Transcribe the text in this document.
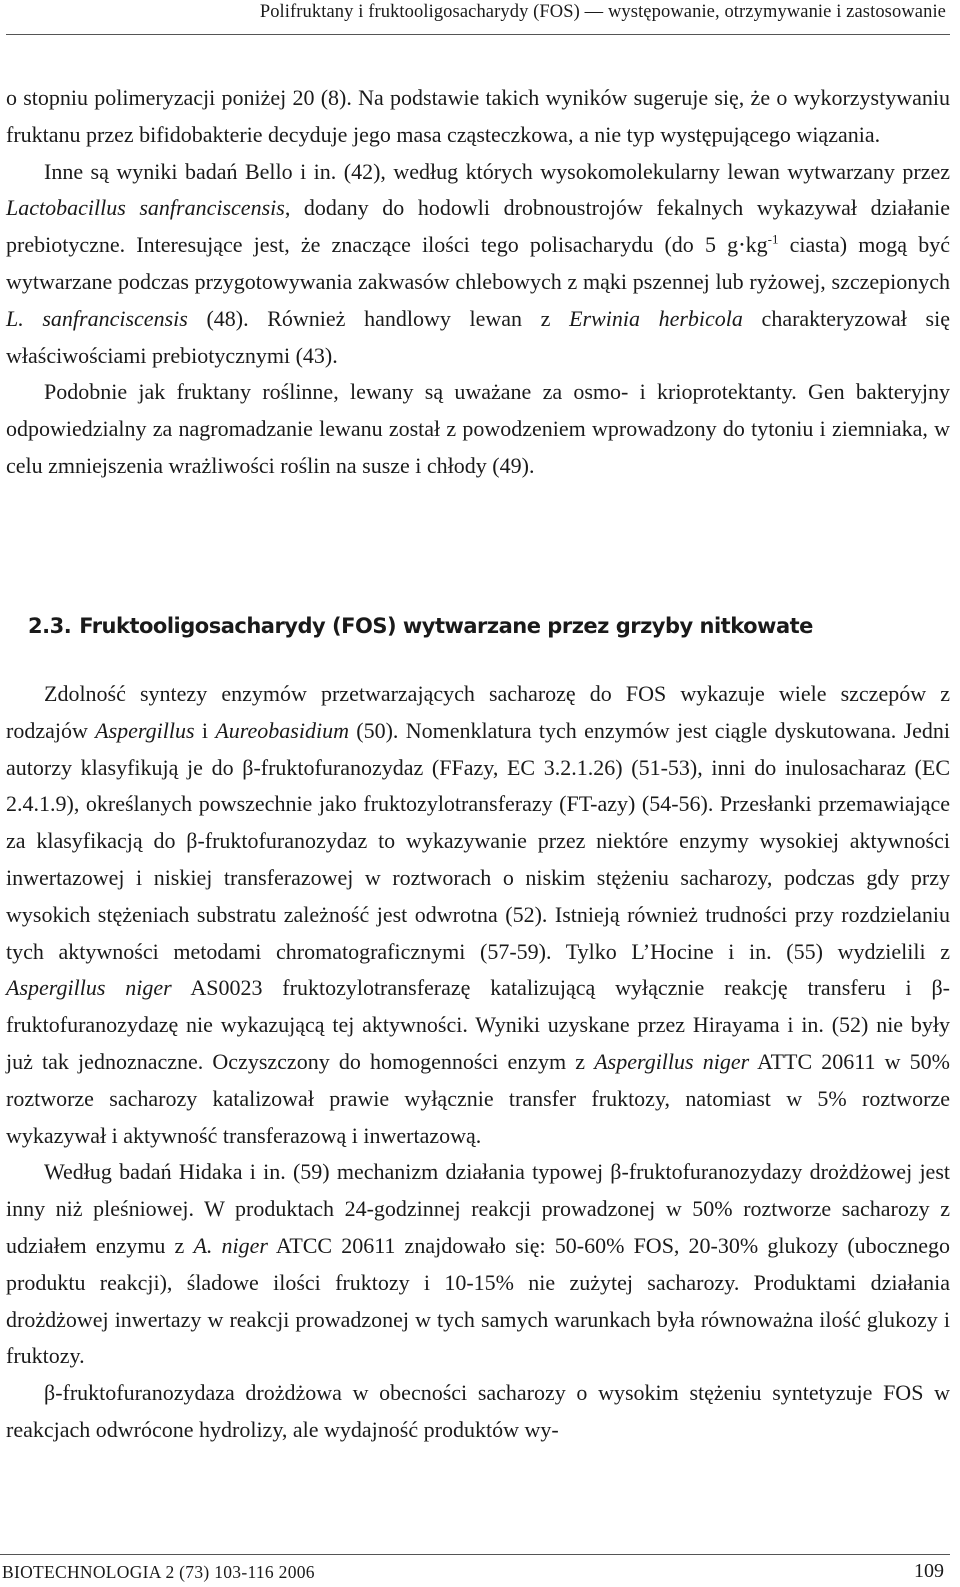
Polifruktany i fruktooligosacharydy (FOS) — występowanie, otrzymywanie i zastosowanie

o stopniu polimeryzacji poniżej 20 (8). Na podstawie takich wyników sugeruje się, że o wykorzystywaniu fruktanu przez bifidobakterie decyduje jego masa cząsteczkowa, a nie typ występującego wiązania.

Inne są wyniki badań Bello i in. (42), według których wysokomolekularny lewan wytwarzany przez Lactobacillus sanfranciscensis, dodany do hodowli drobnoustrojów fekalnych wykazywał działanie prebiotyczne. Interesujące jest, że znaczące ilości tego polisacharydu (do 5 $g\cdot kg^{-1}$ ciasta) mogą być wytwarzane podczas przygotowywania zakwasów chlebowych z mąki pszennej lub ryżowej, szczepionych L. sanfranciscensis (48). Również handlowy lewan z Erwinia herbicola charakteryzował się właściwościami prebiotycznymi (43).

Podobnie jak fruktany roślinne, lewany są uważane za osmo- i krioprotektanty. Gen bakteryjny odpowiedzialny za nagromadzanie lewanu został z powodzeniem wprowadzony do tytoniu i ziemniaka, w celu zmniejszenia wrażliwości roślin na susze i chłody (49).

2.3. Fruktooligosacharydy (FOS) wytwarzane przez grzyby nitkowate

Zdolność syntezy enzymów przetwarzających sacharozę do FOS wykazuje wiele szczepów z rodzajów Aspergillus i Aureobasidium (50). Nomenklatura tych enzymów jest ciągle dyskutowana. Jedni autorzy klasyfikują je do β-fruktofuranozydaz (FFazy, EC 3.2.1.26) (51-53), inni do inulosacharaz (EC 2.4.1.9), określanych powszechnie jako fruktozylotransferazy (FT-azy) (54-56). Przesłanki przemawiające za klasyfikacją do β-fruktofuranozydaz to wykazywanie przez niektóre enzymy wysokiej aktywności inwertazowej i niskiej transferazowej w roztworach o niskim stężeniu sacharozy, podczas gdy przy wysokich stężeniach substratu zależność jest odwrotna (52). Istnieją również trudności przy rozdzielaniu tych aktywności metodami chromatograficznymi (57-59). Tylko L’Hocine i in. (55) wydzielili z Aspergillus niger AS0023 fruktozylotransferazę katalizującą wyłącznie reakcję transferu i β-fruktofuranozydazę nie wykazującą tej aktywności. Wyniki uzyskane przez Hirayama i in. (52) nie były już tak jednoznaczne. Oczyszczony do homogenności enzym z Aspergillus niger ATTC 20611 w 50% roztworze sacharozy katalizował prawie wyłącznie transfer fruktozy, natomiast w 5% roztworze wykazywał i aktywność transferazową i inwertazową.

Według badań Hidaka i in. (59) mechanizm działania typowej β-fruktofuranozydazy drożdżowej jest inny niż pleśniowej. W produktach 24-godzinnej reakcji prowadzonej w 50% roztworze sacharozy z udziałem enzymu z A. niger ATCC 20611 znajdowało się: 50-60% FOS, 20-30% glukozy (ubocznego produktu reakcji), śladowe ilości fruktozy i 10-15% nie zużytej sacharozy. Produktami działania drożdżowej inwertazy w reakcji prowadzonej w tych samych warunkach była równoważna ilość glukozy i fruktozy.

β-fruktofuranozydaza drożdżowa w obecności sacharozy o wysokim stężeniu syntetyzuje FOS w reakcjach odwrócone hydrolizy, ale wydajność produktów wy-

BIOTECHNOLOGIA 2 (73) 103-116 2006	109
